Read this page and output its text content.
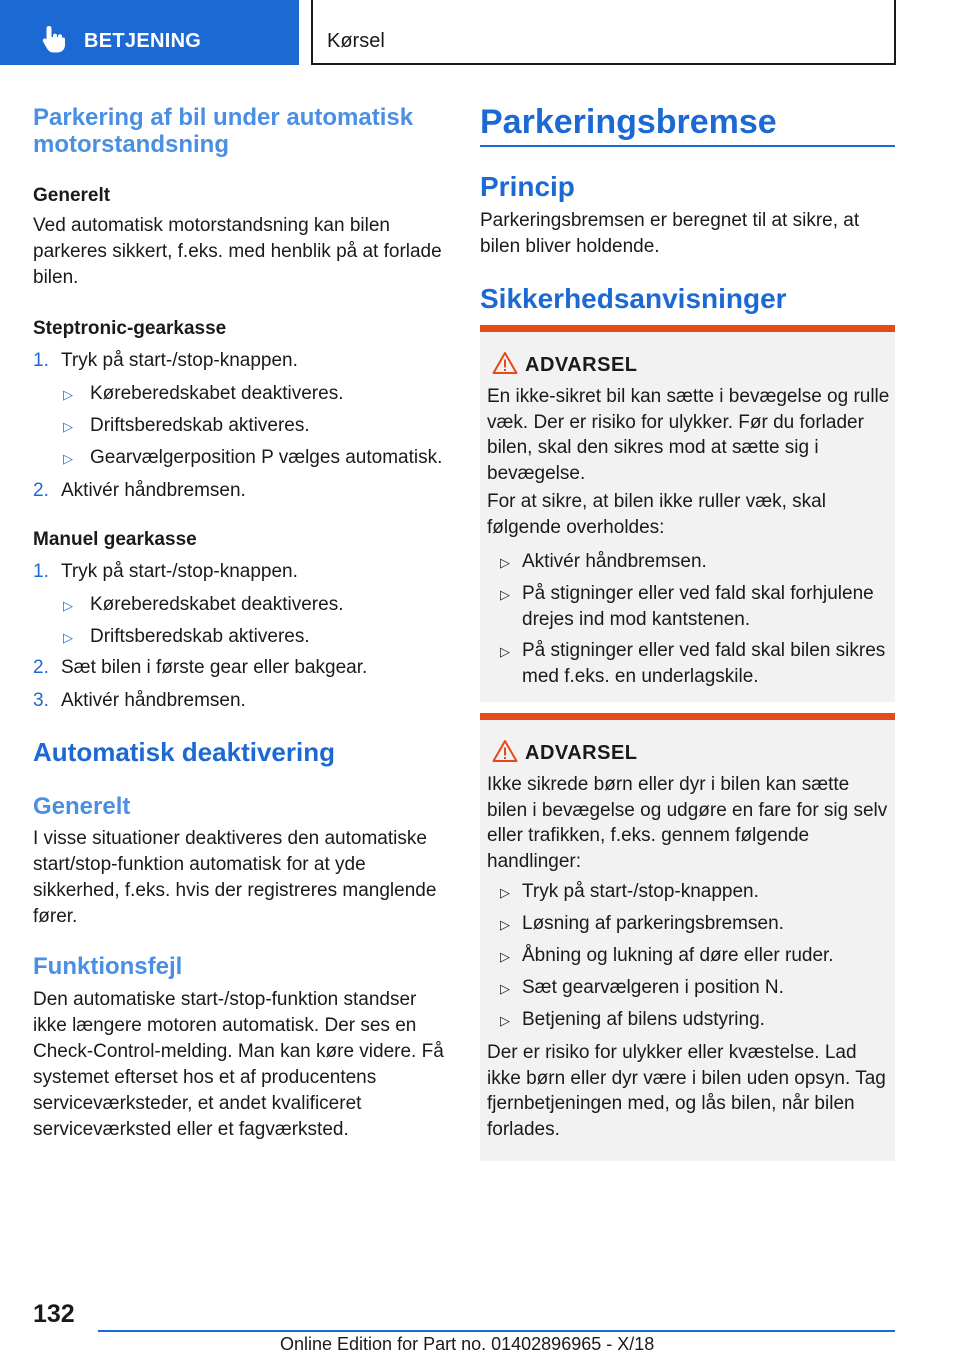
BETJENING	Kørsel
Parkering af bil under automatisk motorstandsning
Generelt
Ved automatisk motorstandsning kan bilen parkeres sikkert, f.eks. med henblik på at forlade bilen.
Steptronic-gearkasse
1. Tryk på start-/stop-knappen.
▷ Køreberedskabet deaktiveres.
▷ Driftsberedskab aktiveres.
▷ Gearvælgerposition P vælges automatisk.
2. Aktivér håndbremsen.
Manuel gearkasse
1. Tryk på start-/stop-knappen.
▷ Køreberedskabet deaktiveres.
▷ Driftsberedskab aktiveres.
2. Sæt bilen i første gear eller bakgear.
3. Aktivér håndbremsen.
Automatisk deaktivering
Generelt
I visse situationer deaktiveres den automatiske start/stop-funktion automatisk for at yde sikkerhed, f.eks. hvis der registreres manglende fører.
Funktionsfejl
Den automatiske start-/stop-funktion standser ikke længere motoren automatisk. Der ses en Check-Control-melding. Man kan køre videre. Få systemet efterset hos et af producentens serviceværksteder, et andet kvalificeret serviceværksted eller et fagværksted.
Parkeringsbremse
Princip
Parkeringsbremsen er beregnet til at sikre, at bilen bliver holdende.
Sikkerhedsanvisninger
ADVARSEL
En ikke-sikret bil kan sætte i bevægelse og rulle væk. Der er risiko for ulykker. Før du forlader bilen, skal den sikres mod at sætte sig i bevægelse.
For at sikre, at bilen ikke ruller væk, skal følgende overholdes:
▷ Aktivér håndbremsen.
▷ På stigninger eller ved fald skal forhjulene drejes ind mod kantstenen.
▷ På stigninger eller ved fald skal bilen sikres med f.eks. en underlagskile.
ADVARSEL
Ikke sikrede børn eller dyr i bilen kan sætte bilen i bevægelse og udgøre en fare for sig selv eller trafikken, f.eks. gennem følgende handlinger:
▷ Tryk på start-/stop-knappen.
▷ Løsning af parkeringsbremsen.
▷ Åbning og lukning af døre eller ruder.
▷ Sæt gearvælgeren i position N.
▷ Betjening af bilens udstyring.
Der er risiko for ulykker eller kvæstelse. Lad ikke børn eller dyr være i bilen uden opsyn. Tag fjernbetjeningen med, og lås bilen, når bilen forlades.
132
Online Edition for Part no. 01402896965 - X/18
